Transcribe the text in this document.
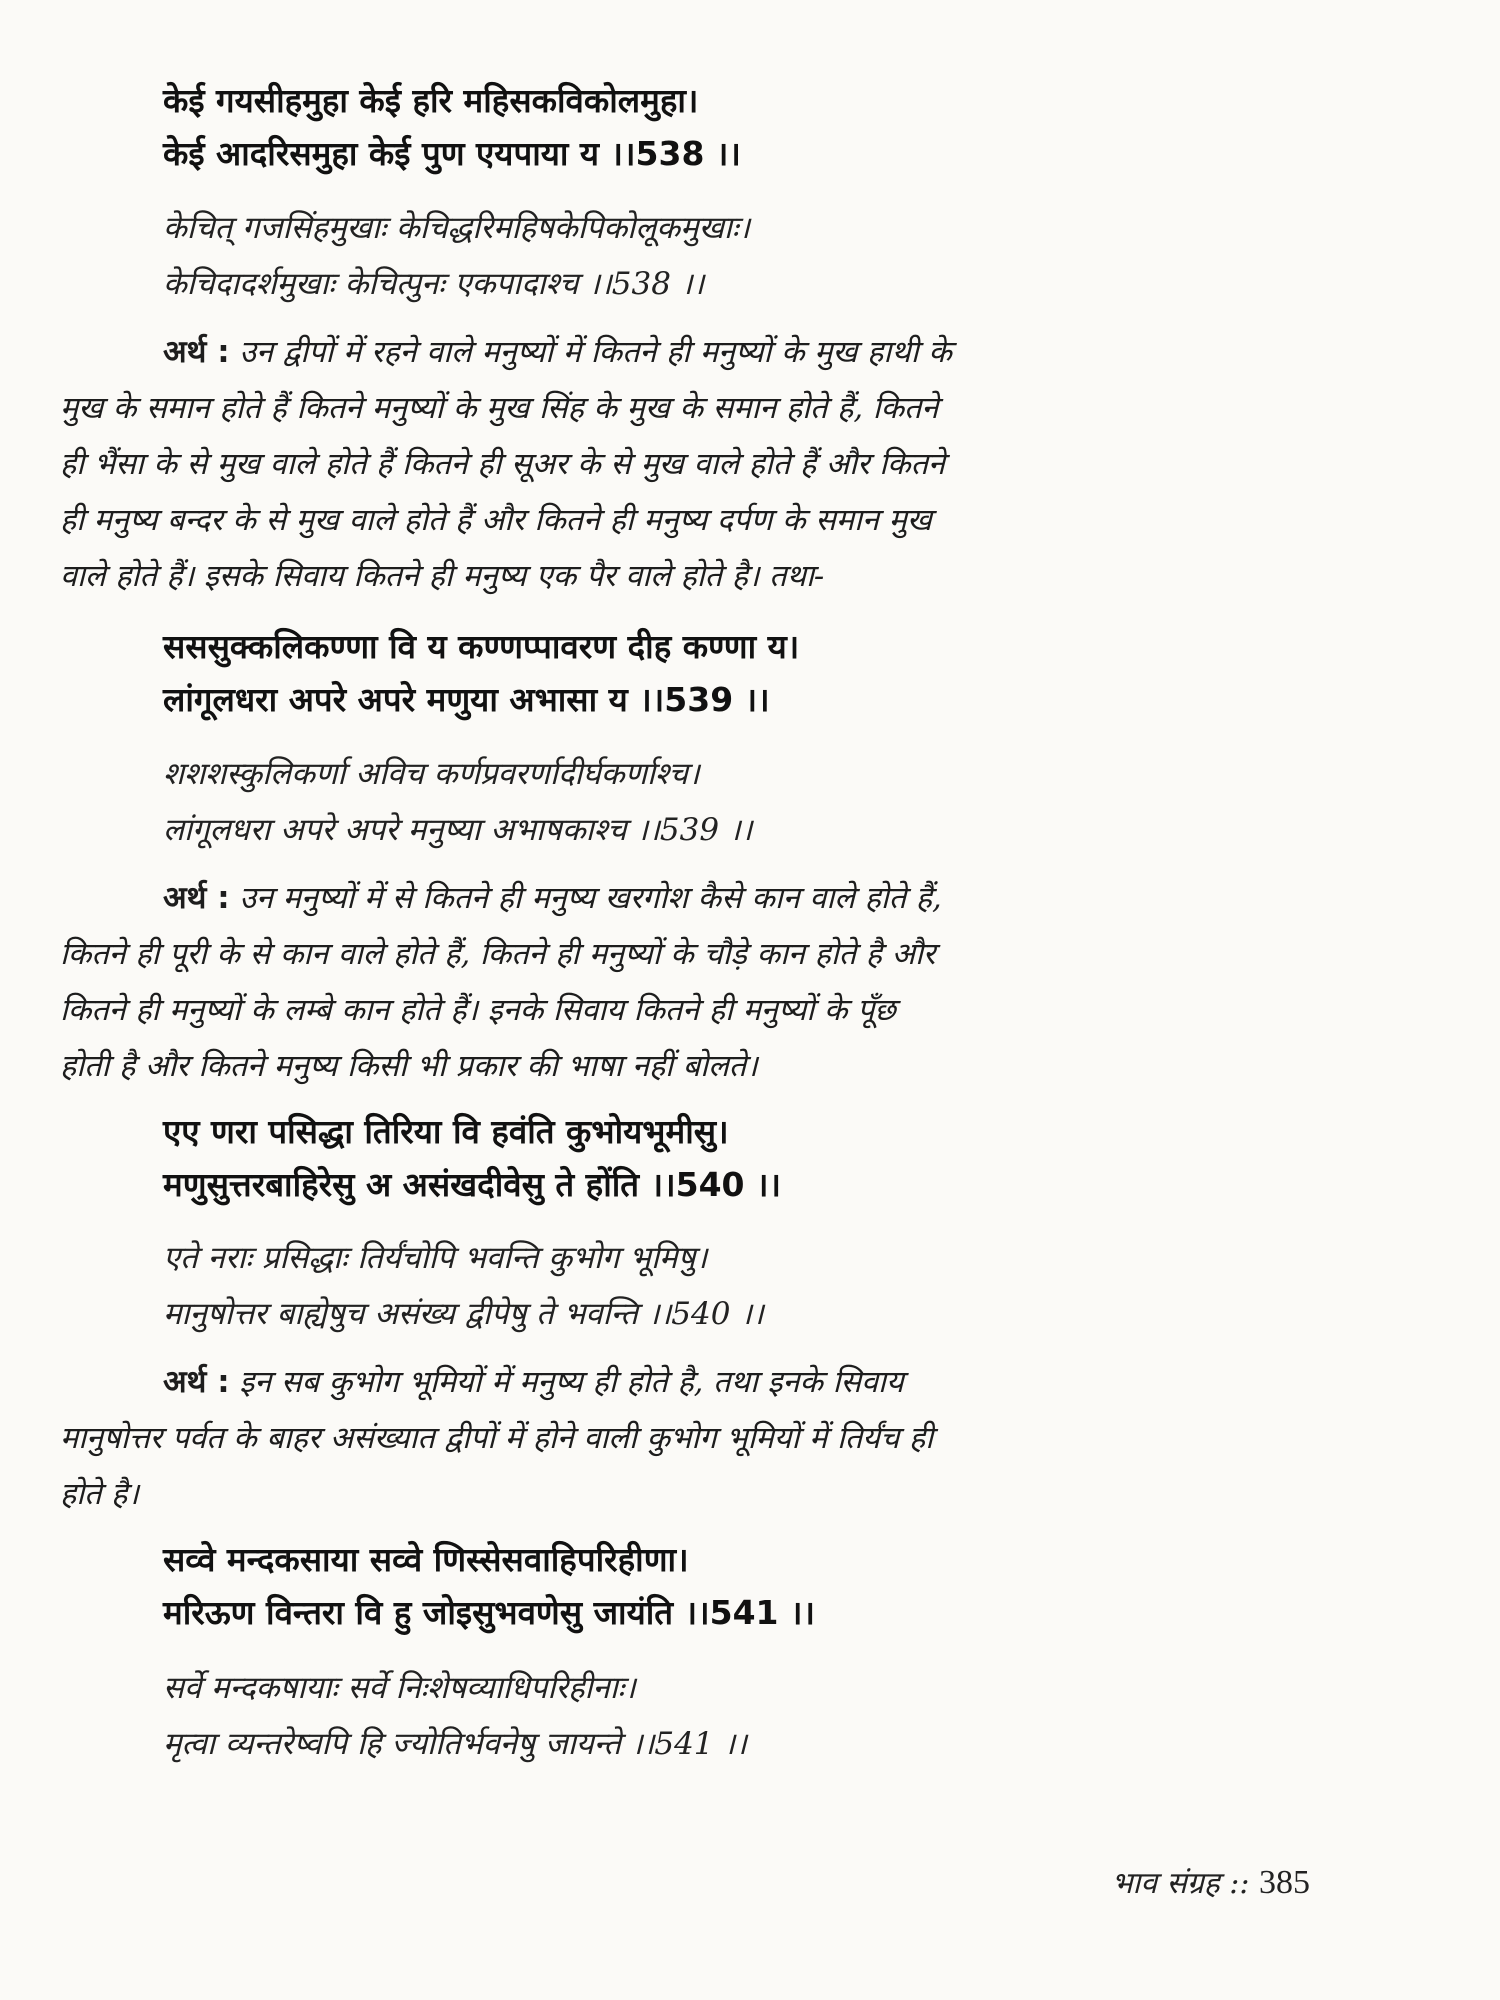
केई गयसीहमुहा केई हरि महिसकविकोलमुहा।

केई आदरिसमुहा केई पुण एयपाया य ।।538 ।।

केचित् गजसिंहमुखाः केचिद्धरिमहिषकेपिकोलूकमुखाः।

केचिदादर्शमुखाः केचित्पुनः एकपादाश्च ।।538 ।।

अर्थ : उन द्वीपों में रहने वाले मनुष्यों में कितने ही मनुष्यों के मुख हाथी के

मुख के समान होते हैं कितने मनुष्यों के मुख सिंह के मुख के समान होते हैं, कितने

ही भैंसा के से मुख वाले होते हैं कितने ही सूअर के से मुख वाले होते हैं और कितने

ही मनुष्य बन्दर के से मुख वाले होते हैं और कितने ही मनुष्य दर्पण के समान मुख

वाले होते हैं। इसके सिवाय कितने ही मनुष्य एक पैर वाले होते है। तथा-

सससुक्कलिकण्णा वि य कण्णप्पावरण दीह कण्णा य।

लांगूलधरा अपरे अपरे मणुया अभासा य ।।539 ।।

शशशस्कुलिकर्णा अविच कर्णप्रवरर्णादीर्घकर्णाश्च।

लांगूलधरा अपरे अपरे मनुष्या अभाषकाश्च ।।539 ।।

अर्थ : उन मनुष्यों में से कितने ही मनुष्य खरगोश कैसे कान वाले होते हैं,

कितने ही पूरी के से कान वाले होते हैं, कितने ही मनुष्यों के चौड़े कान होते है और

कितने ही मनुष्यों के लम्बे कान होते हैं। इनके सिवाय कितने ही मनुष्यों के पूँछ

होती है और कितने मनुष्य किसी भी प्रकार की भाषा नहीं बोलते।

एए णरा पसिद्धा तिरिया वि हवंति कुभोयभूमीसु।

मणुसुत्तरबाहिरेसु अ असंखदीवेसु ते होंति ।।540 ।।

एते नराः प्रसिद्धाः तिर्यंचोपि भवन्ति कुभोग भूमिषु।

मानुषोत्तर बाह्येषुच असंख्य द्वीपेषु ते भवन्ति ।।540 ।।

अर्थ : इन सब कुभोग भूमियों में मनुष्य ही होते है, तथा इनके सिवाय

मानुषोत्तर पर्वत के बाहर असंख्यात द्वीपों में होने वाली कुभोग भूमियों में तिर्यंच ही

होते है।

सव्वे मन्दकसाया सव्वे णिस्सेसवाहिपरिहीणा।

मरिऊण विन्तरा वि हु जोइसुभवणेसु जायंति ।।541 ।।

सर्वे मन्दकषायाः सर्वे निःशेषव्याधिपरिहीनाः।

मृत्वा व्यन्तरेष्वपि हि ज्योतिर्भवनेषु जायन्ते ।।541 ।।

भाव संग्रह :: 385
